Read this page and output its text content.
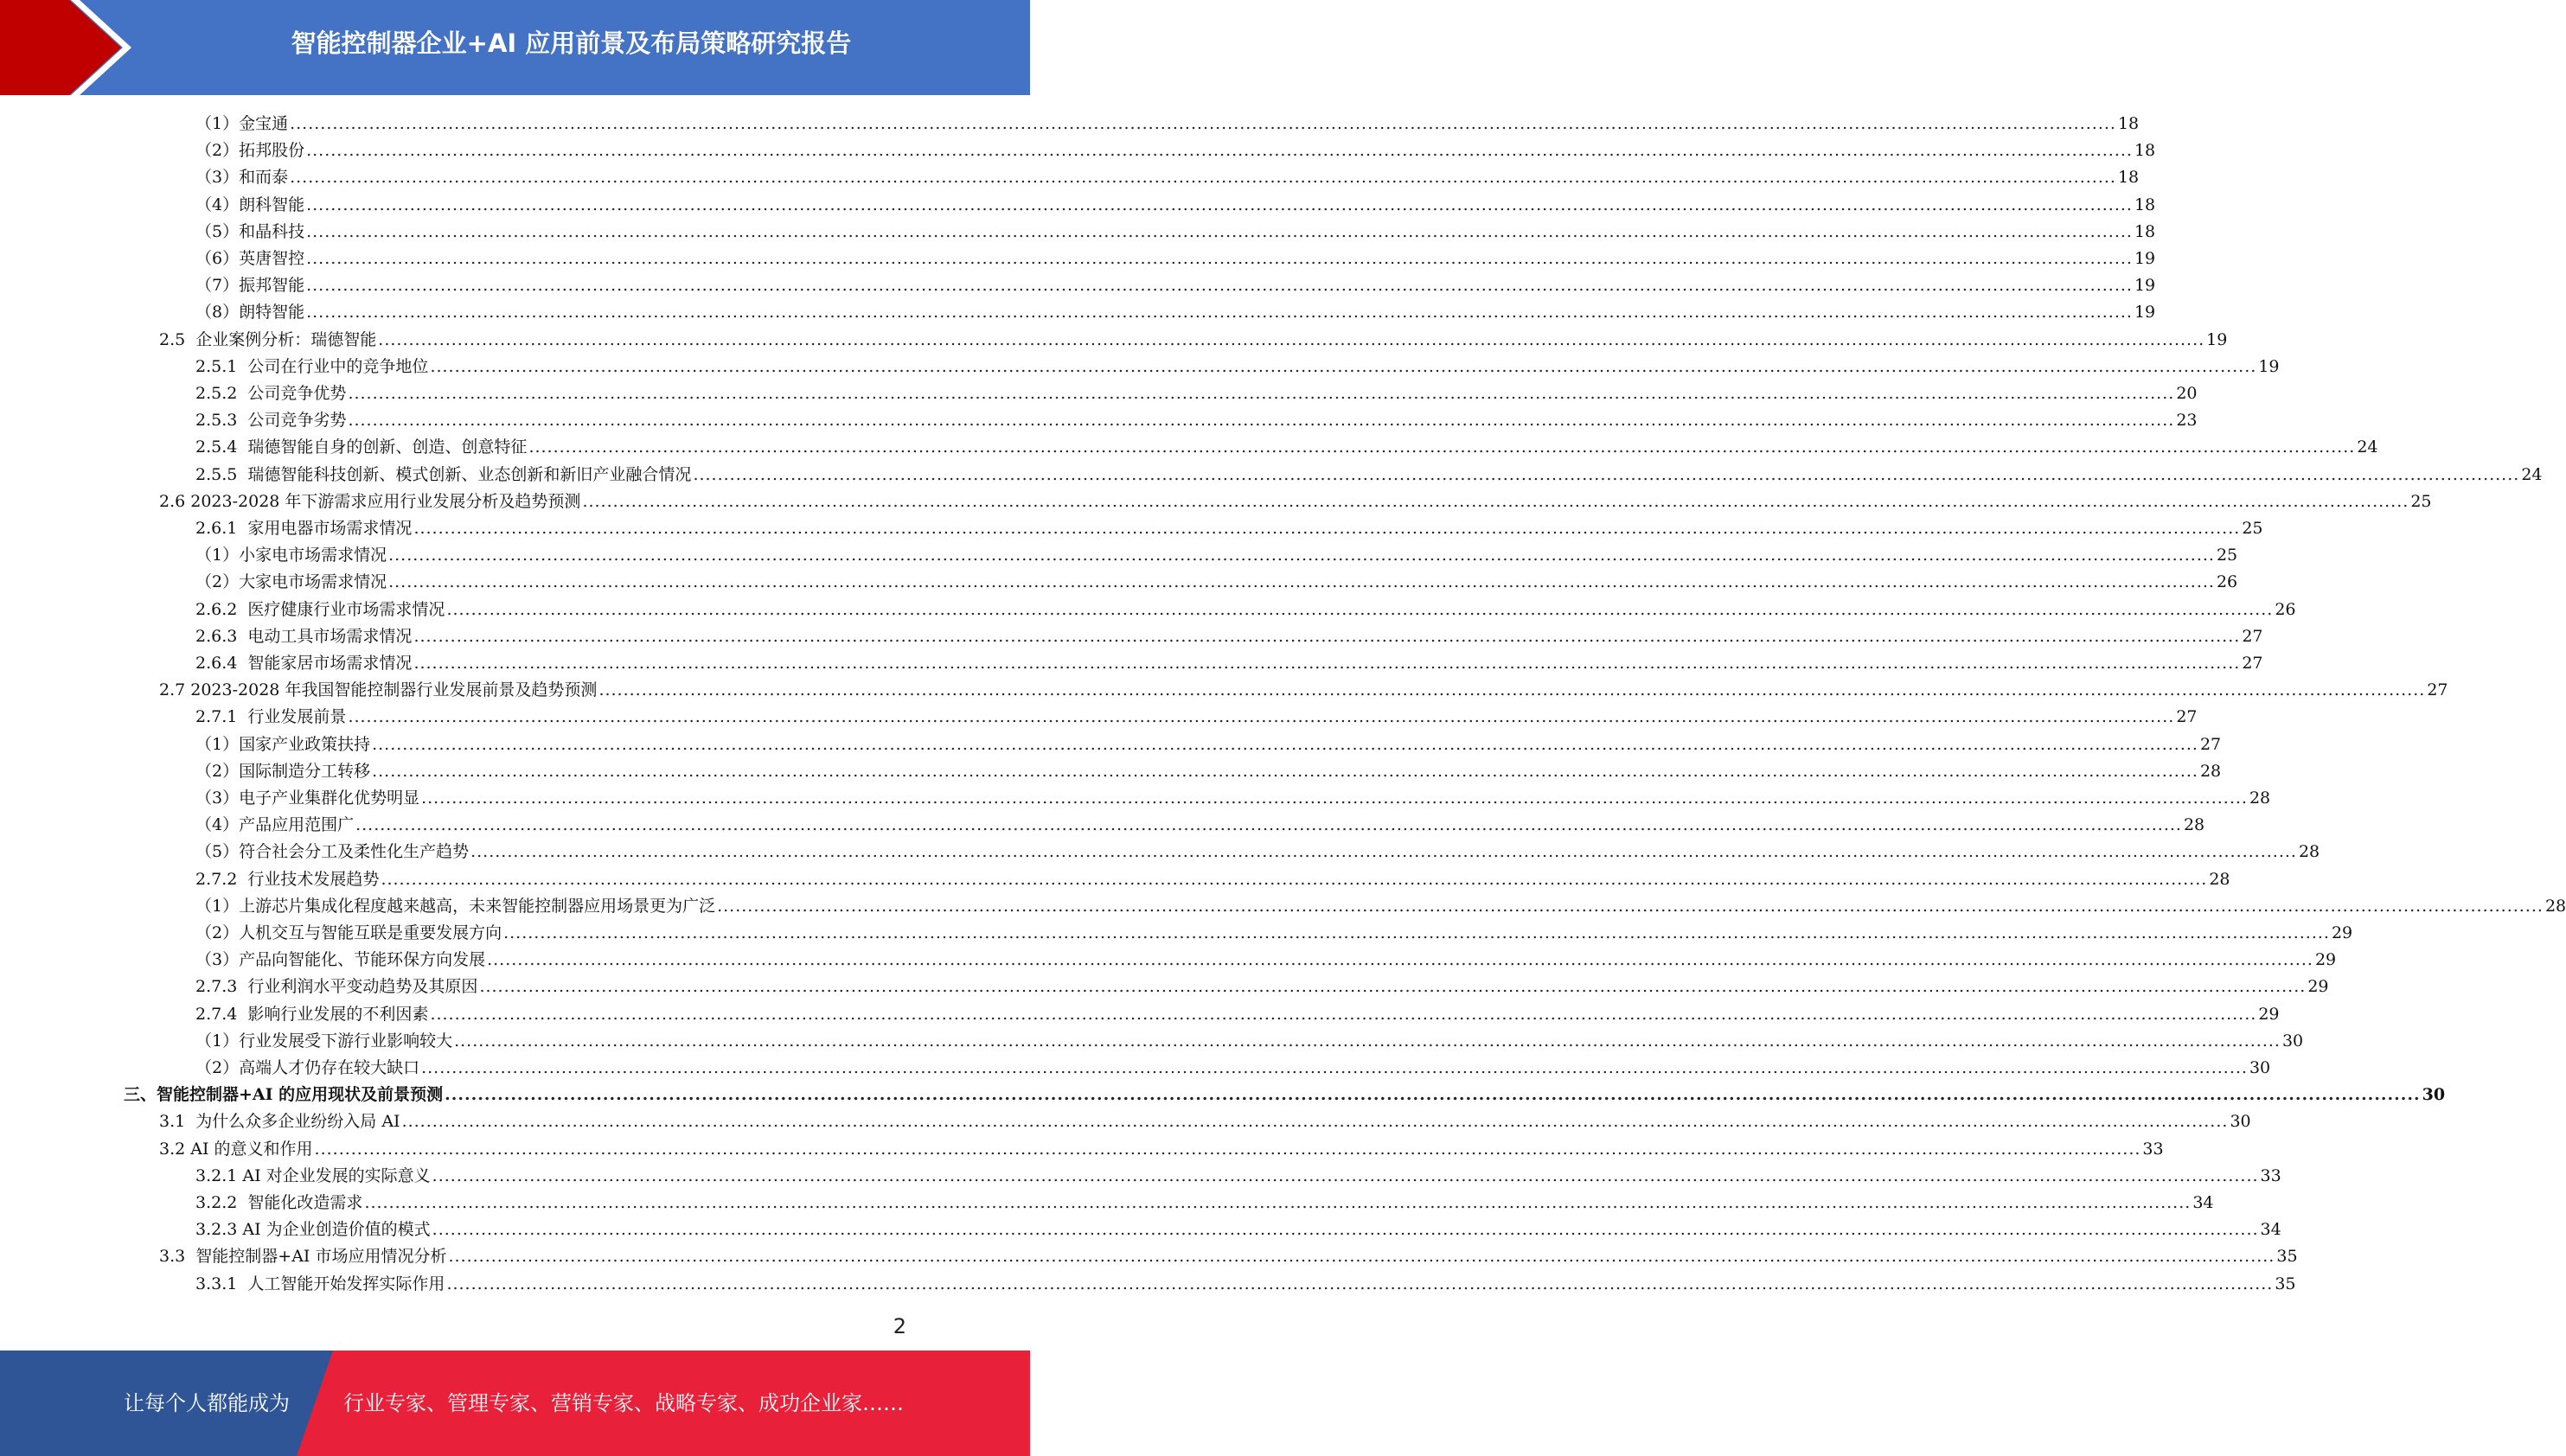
智能控制器企业+AI 应用前景及布局策略研究报告
（1）金宝通 ............................................................................................................................................................................................................................................................................................................ 18
（2）拓邦股份 ............................................................................................................................................................................................................................................................................................................ 18
（3）和而泰 ............................................................................................................................................................................................................................................................................................................ 18
（4）朗科智能 ............................................................................................................................................................................................................................................................................................................ 18
（5）和晶科技 ............................................................................................................................................................................................................................................................................................................ 18
（6）英唐智控 ............................................................................................................................................................................................................................................................................................................ 19
（7）振邦智能 ............................................................................................................................................................................................................................................................................................................ 19
（8）朗特智能 ............................................................................................................................................................................................................................................................................................................ 19
2.5  企业案例分析：瑞德智能 ............................................................................................................................................................................................................................................................................................................ 19
2.5.1  公司在行业中的竞争地位 ............................................................................................................................................................................................................................................................................................................ 19
2.5.2  公司竞争优势 ............................................................................................................................................................................................................................................................................................................ 20
2.5.3  公司竞争劣势 ............................................................................................................................................................................................................................................................................................................ 23
2.5.4  瑞德智能自身的创新、创造、创意特征 ............................................................................................................................................................................................................................................................................................................ 24
2.5.5  瑞德智能科技创新、模式创新、业态创新和新旧产业融合情况 ............................................................................................................................................................................................................................................................................................................ 24
2.6 2023-2028 年下游需求应用行业发展分析及趋势预测 ............................................................................................................................................................................................................................................................................................................ 25
2.6.1  家用电器市场需求情况 ............................................................................................................................................................................................................................................................................................................ 25
（1）小家电市场需求情况 ............................................................................................................................................................................................................................................................................................................ 25
（2）大家电市场需求情况 ............................................................................................................................................................................................................................................................................................................ 26
2.6.2  医疗健康行业市场需求情况 ............................................................................................................................................................................................................................................................................................................ 26
2.6.3  电动工具市场需求情况 ............................................................................................................................................................................................................................................................................................................ 27
2.6.4  智能家居市场需求情况 ............................................................................................................................................................................................................................................................................................................ 27
2.7 2023-2028 年我国智能控制器行业发展前景及趋势预测 ............................................................................................................................................................................................................................................................................................................ 27
2.7.1  行业发展前景 ............................................................................................................................................................................................................................................................................................................ 27
（1）国家产业政策扶持 ............................................................................................................................................................................................................................................................................................................ 27
（2）国际制造分工转移 ............................................................................................................................................................................................................................................................................................................ 28
（3）电子产业集群化优势明显 ............................................................................................................................................................................................................................................................................................................ 28
（4）产品应用范围广 ............................................................................................................................................................................................................................................................................................................ 28
（5）符合社会分工及柔性化生产趋势 ............................................................................................................................................................................................................................................................................................................ 28
2.7.2  行业技术发展趋势 ............................................................................................................................................................................................................................................................................................................ 28
（1）上游芯片集成化程度越来越高，未来智能控制器应用场景更为广泛 ............................................................................................................................................................................................................................................................................................................ 28
（2）人机交互与智能互联是重要发展方向 ............................................................................................................................................................................................................................................................................................................ 29
（3）产品向智能化、节能环保方向发展 ............................................................................................................................................................................................................................................................................................................ 29
2.7.3  行业利润水平变动趋势及其原因 ............................................................................................................................................................................................................................................................................................................ 29
2.7.4  影响行业发展的不利因素 ............................................................................................................................................................................................................................................................................................................ 29
（1）行业发展受下游行业影响较大 ............................................................................................................................................................................................................................................................................................................ 30
（2）高端人才仍存在较大缺口 ............................................................................................................................................................................................................................................................................................................ 30
三、智能控制器+AI 的应用现状及前景预测 ............................................................................................................................................................................................................................................................................................................ 30
3.1  为什么众多企业纷纷入局 AI ............................................................................................................................................................................................................................................................................................................ 30
3.2 AI 的意义和作用 ............................................................................................................................................................................................................................................................................................................ 33
3.2.1 AI 对企业发展的实际意义 ............................................................................................................................................................................................................................................................................................................ 33
3.2.2  智能化改造需求 ............................................................................................................................................................................................................................................................................................................ 34
3.2.3 AI 为企业创造价值的模式 ............................................................................................................................................................................................................................................................................................................ 34
3.3  智能控制器+AI 市场应用情况分析 ............................................................................................................................................................................................................................................................................................................ 35
3.3.1  人工智能开始发挥实际作用 ............................................................................................................................................................................................................................................................................................................ 35
2
让每个人都能成为	行业专家、管理专家、营销专家、战略专家、成功企业家……
